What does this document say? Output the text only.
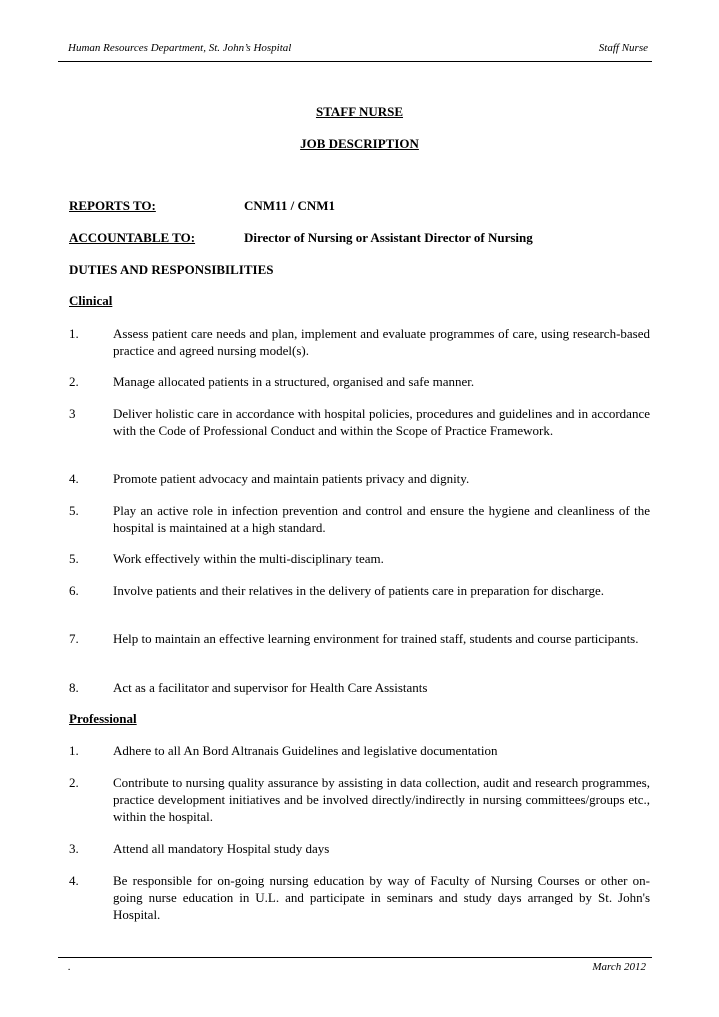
Human Resources Department, St. John’s Hospital	Staff Nurse
STAFF NURSE
JOB DESCRIPTION
REPORTS TO:	CNM11 / CNM1
ACCOUNTABLE TO:	Director of Nursing or Assistant Director of Nursing
DUTIES AND RESPONSIBILITIES
Clinical
1.	Assess patient care needs and plan, implement and evaluate programmes of care, using research-based practice and agreed nursing model(s).
2.	Manage allocated patients in a structured, organised and safe manner.
3	Deliver holistic care in accordance with hospital policies, procedures and guidelines and in accordance with the Code of Professional Conduct and within the Scope of Practice Framework.
4.	Promote patient advocacy and maintain patients privacy and dignity.
5.	Play an active role in infection prevention and control and ensure the hygiene and cleanliness of the hospital is maintained at a high standard.
5.	Work effectively within the multi-disciplinary team.
6.	Involve patients and their relatives in the delivery of patients care in preparation for discharge.
7.	Help to maintain an effective learning environment for trained staff, students and course participants.
8.	Act as a facilitator and supervisor for Health Care Assistants
Professional
1.	Adhere to all An Bord Altranais Guidelines and legislative documentation
2.	Contribute to nursing quality assurance by assisting in data collection, audit and research programmes, practice development initiatives and be involved directly/indirectly in nursing committees/groups etc., within the hospital.
3.	Attend all mandatory Hospital study days
4.	Be responsible for on-going nursing education by way of Faculty of Nursing Courses or other on-going nurse education in U.L. and participate in seminars and study days arranged by St. John's Hospital.
.	March 2012
